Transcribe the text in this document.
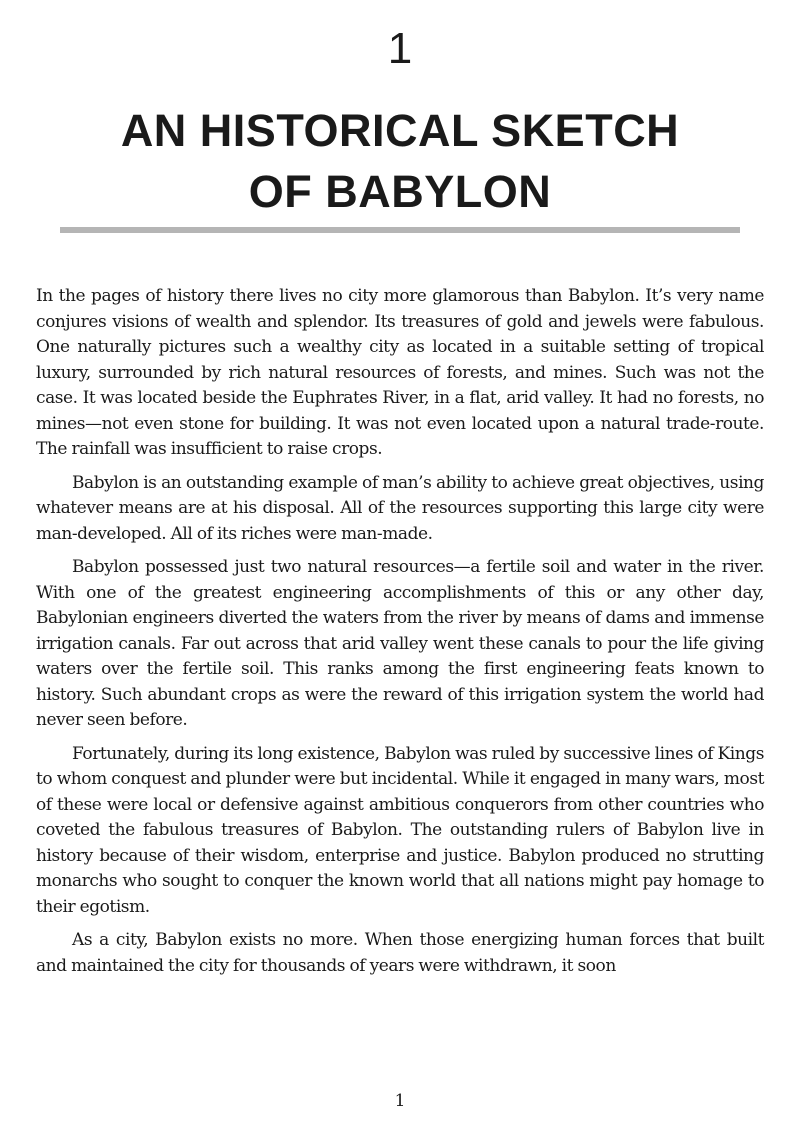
1
AN HISTORICAL SKETCH
OF BABYLON

In the pages of history there lives no city more glamorous than Babylon. It’s very name conjures visions of wealth and splendor. Its treasures of gold and jewels were fabulous. One naturally pictures such a wealthy city as located in a suitable setting of tropical luxury, surrounded by rich natural resources of forests, and mines. Such was not the case. It was located beside the Euphrates River, in a flat, arid valley. It had no forests, no mines—not even stone for building. It was not even located upon a natural trade-route. The rainfall was insufficient to raise crops.

Babylon is an outstanding example of man’s ability to achieve great objectives, using whatever means are at his disposal. All of the resources supporting this large city were man-developed. All of its riches were man-made.

Babylon possessed just two natural resources—a fertile soil and water in the river. With one of the greatest engineering accomplishments of this or any other day, Babylonian engineers diverted the waters from the river by means of dams and immense irrigation canals. Far out across that arid valley went these canals to pour the life giving waters over the fertile soil. This ranks among the first engineering feats known to history. Such abundant crops as were the reward of this irrigation system the world had never seen before.

Fortunately, during its long existence, Babylon was ruled by successive lines of Kings to whom conquest and plunder were but incidental. While it engaged in many wars, most of these were local or defensive against ambitious conquerors from other countries who coveted the fabulous treasures of Babylon. The outstanding rulers of Babylon live in history because of their wisdom, enterprise and justice. Babylon produced no strutting monarchs who sought to conquer the known world that all nations might pay homage to their egotism.

As a city, Babylon exists no more. When those energizing human forces that built and maintained the city for thousands of years were withdrawn, it soon

1
